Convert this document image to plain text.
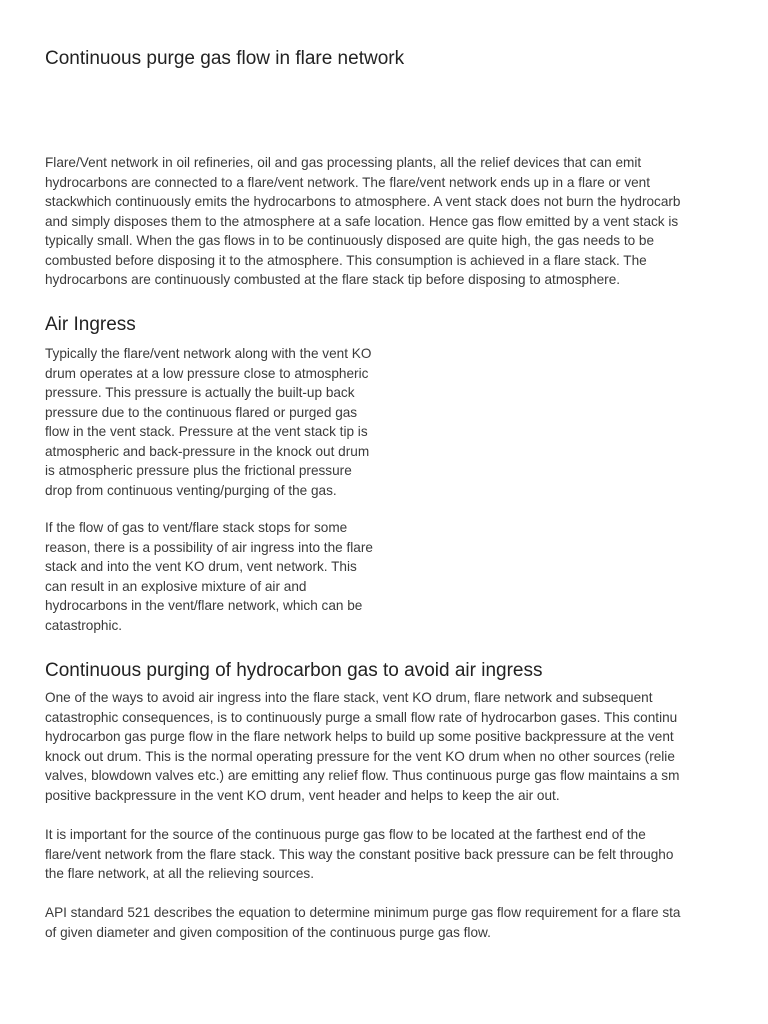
Continuous purge gas flow in flare network

Flare/Vent network in oil refineries, oil and gas processing plants, all the relief devices that can emit
hydrocarbons are connected to a flare/vent network. The flare/vent network ends up in a flare or vent
stackwhich continuously emits the hydrocarbons to atmosphere. A vent stack does not burn the hydrocarb
and simply disposes them to the atmosphere at a safe location. Hence gas flow emitted by a vent stack is
typically small. When the gas flows in to be continuously disposed are quite high, the gas needs to be
combusted before disposing it to the atmosphere. This consumption is achieved in a flare stack. The
hydrocarbons are continuously combusted at the flare stack tip before disposing to atmosphere.

Air Ingress

Typically the flare/vent network along with the vent KO
drum operates at a low pressure close to atmospheric
pressure. This pressure is actually the built-up back
pressure due to the continuous flared or purged gas
flow in the vent stack. Pressure at the vent stack tip is
atmospheric and back-pressure in the knock out drum
is atmospheric pressure plus the frictional pressure
drop from continuous venting/purging of the gas.

If the flow of gas to vent/flare stack stops for some
reason, there is a possibility of air ingress into the flare
stack and into the vent KO drum, vent network. This
can result in an explosive mixture of air and
hydrocarbons in the vent/flare network, which can be
catastrophic.

Continuous purging of hydrocarbon gas to avoid air ingress

One of the ways to avoid air ingress into the flare stack, vent KO drum, flare network and subsequent
catastrophic consequences, is to continuously purge a small flow rate of hydrocarbon gases. This continu
hydrocarbon gas purge flow in the flare network helps to build up some positive backpressure at the vent
knock out drum. This is the normal operating pressure for the vent KO drum when no other sources (relie
valves, blowdown valves etc.) are emitting any relief flow. Thus continuous purge gas flow maintains a sm
positive backpressure in the vent KO drum, vent header and helps to keep the air out.

It is important for the source of the continuous purge gas flow to be located at the farthest end of the
flare/vent network from the flare stack. This way the constant positive back pressure can be felt througho
the flare network, at all the relieving sources.

API standard 521 describes the equation to determine minimum purge gas flow requirement for a flare sta
of given diameter and given composition of the continuous purge gas flow.
